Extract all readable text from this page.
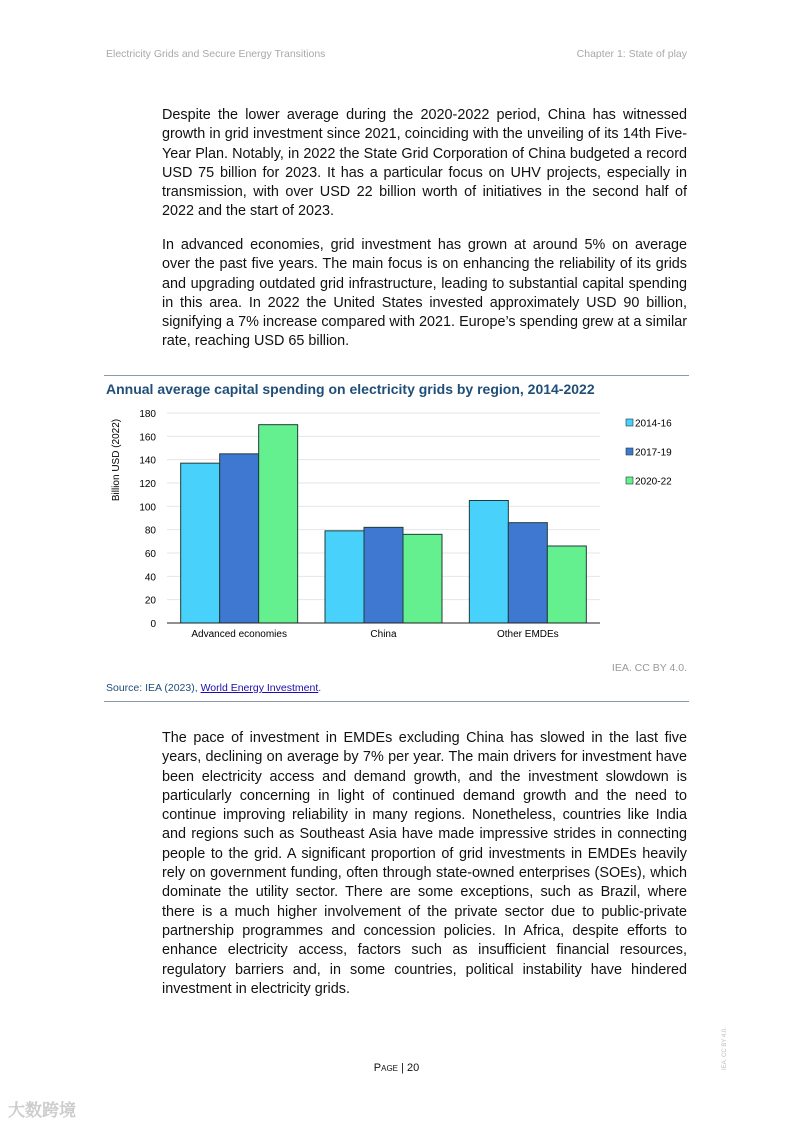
Electricity Grids and Secure Energy Transitions	Chapter 1: State of play

Despite the lower average during the 2020-2022 period, China has witnessed growth in grid investment since 2021, coinciding with the unveiling of its 14th Five-Year Plan. Notably, in 2022 the State Grid Corporation of China budgeted a record USD 75 billion for 2023. It has a particular focus on UHV projects, especially in transmission, with over USD 22 billion worth of initiatives in the second half of 2022 and the start of 2023.

In advanced economies, grid investment has grown at around 5% on average over the past five years. The main focus is on enhancing the reliability of its grids and upgrading outdated grid infrastructure, leading to substantial capital spending in this area. In 2022 the United States invested approximately USD 90 billion, signifying a 7% increase compared with 2021. Europe’s spending grew at a similar rate, reaching USD 65 billion.

Annual average capital spending on electricity grids by region, 2014-2022
0
20
40
60
80
100
120
140
160
180
Billion USD (2022)
Advanced economies	China	Other EMDEs
2014-16
2017-19
2020-22
IEA. CC BY 4.0.
Source: IEA (2023), World Energy Investment.

The pace of investment in EMDEs excluding China has slowed in the last five years, declining on average by 7% per year. The main drivers for investment have been electricity access and demand growth, and the investment slowdown is particularly concerning in light of continued demand growth and the need to continue improving reliability in many regions. Nonetheless, countries like India and regions such as Southeast Asia have made impressive strides in connecting people to the grid. A significant proportion of grid investments in EMDEs heavily rely on government funding, often through state-owned enterprises (SOEs), which dominate the utility sector. There are some exceptions, such as Brazil, where there is a much higher involvement of the private sector due to public-private partnership programmes and concession policies. In Africa, despite efforts to enhance electricity access, factors such as insufficient financial resources, regulatory barriers and, in some countries, political instability have hindered investment in electricity grids.

Page | 20	IEA. CC BY 4.0.
大数跨境
